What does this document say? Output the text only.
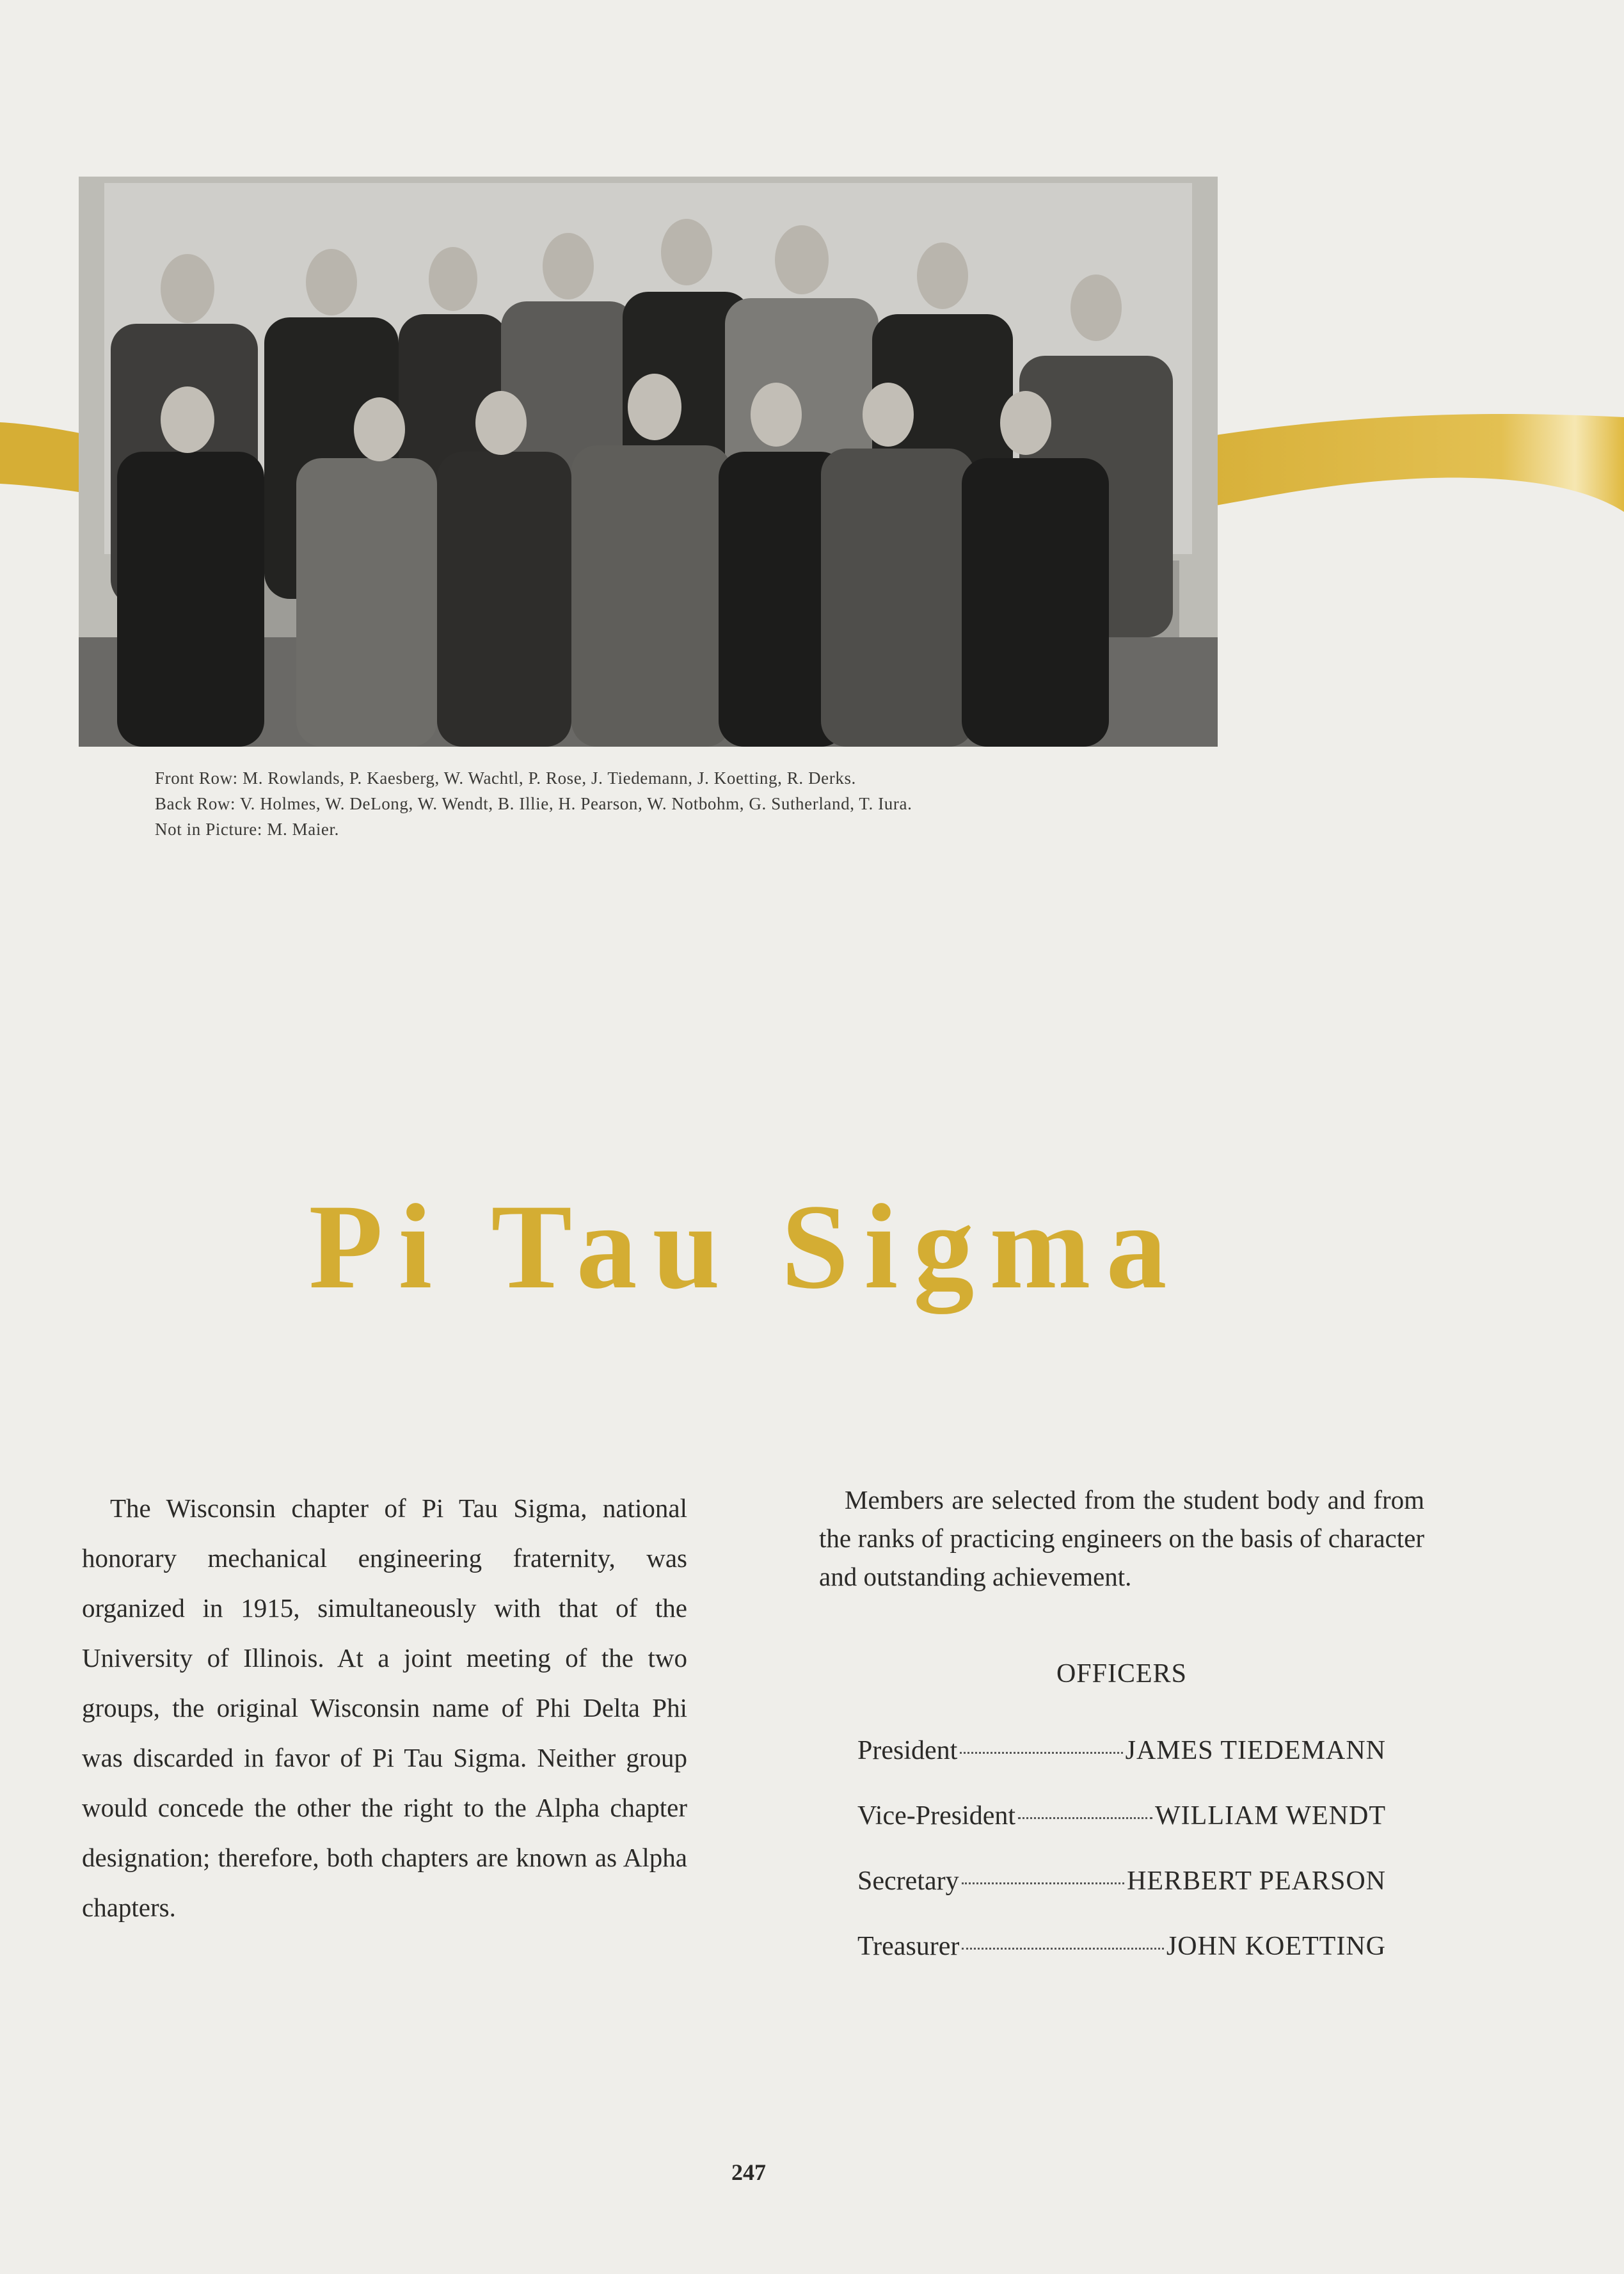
Front Row: M. Rowlands, P. Kaesberg, W. Wachtl, P. Rose, J. Tiedemann, J. Koetting, R. Derks.
Back Row: V. Holmes, W. DeLong, W. Wendt, B. Illie, H. Pearson, W. Notbohm, G. Sutherland, T. Iura.
Not in Picture: M. Maier.
Pi Tau Sigma

The Wisconsin chapter of Pi Tau Sigma, national honorary mechanical engineering fraternity, was organized in 1915, simultaneously with that of the University of Illinois. At a joint meeting of the two groups, the original Wisconsin name of Phi Delta Phi was discarded in favor of Pi Tau Sigma. Neither group would concede the other the right to the Alpha chapter designation; therefore, both chapters are known as Alpha chapters.

Members are selected from the student body and from the ranks of practicing engineers on the basis of character and outstanding achievement.

OFFICERS
President	JAMES TIEDEMANN
Vice-President	WILLIAM WENDT
Secretary	HERBERT PEARSON
Treasurer	JOHN KOETTING
247
